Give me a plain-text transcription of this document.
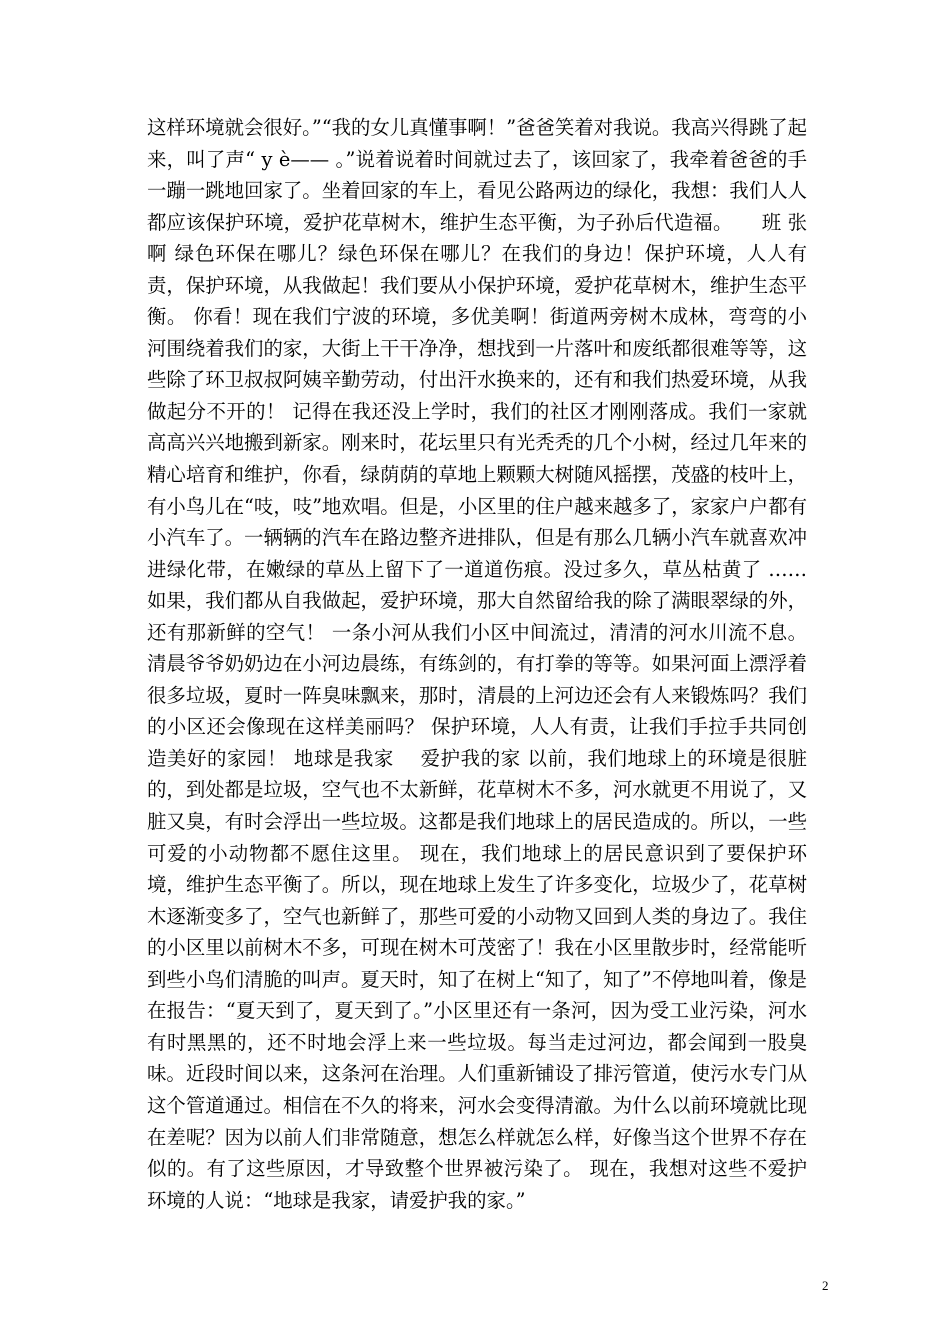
这样环境就会很好。”“我的女儿真懂事啊！”爸爸笑着对我说。我高兴得跳了起来，叫了声“ y è—— 。”说着说着时间就过去了，该回家了，我牵着爸爸的手一蹦一跳地回家了。坐着回家的车上，看见公路两边的绿化，我想：我们人人都应该保护环境，爱护花草树木，维护生态平衡，为子孙后代造福。　　班 张啊 绿色环保在哪儿？绿色环保在哪儿？在我们的身边！保护环境，人人有责，保护环境，从我做起！我们要从小保护环境，爱护花草树木，维护生态平衡。 你看！现在我们宁波的环境，多优美啊！街道两旁树木成林，弯弯的小河围绕着我们的家，大街上干干净净，想找到一片落叶和废纸都很难等等，这些除了环卫叔叔阿姨辛勤劳动，付出汗水换来的，还有和我们热爱环境，从我做起分不开的！ 记得在我还没上学时，我们的社区才刚刚落成。我们一家就高高兴兴地搬到新家。刚来时，花坛里只有光秃秃的几个小树，经过几年来的精心培育和维护，你看，绿荫荫的草地上颗颗大树随风摇摆，茂盛的枝叶上，有小鸟儿在“吱，吱”地欢唱。但是，小区里的住户越来越多了，家家户户都有小汽车了。一辆辆的汽车在路边整齐进排队，但是有那么几辆小汽车就喜欢冲进绿化带，在嫩绿的草丛上留下了一道道伤痕。没过多久，草丛枯黄了 …… 如果，我们都从自我做起，爱护环境，那大自然留给我的除了满眼翠绿的外，还有那新鲜的空气！ 一条小河从我们小区中间流过，清清的河水川流不息。清晨爷爷奶奶边在小河边晨练，有练剑的，有打拳的等等。如果河面上漂浮着很多垃圾，夏时一阵臭味飘来，那时，清晨的上河边还会有人来锻炼吗？我们的小区还会像现在这样美丽吗？ 保护环境，人人有责，让我们手拉手共同创造美好的家园！ 地球是我家　 爱护我的家 以前，我们地球上的环境是很脏的，到处都是垃圾，空气也不太新鲜，花草树木不多，河水就更不用说了，又脏又臭，有时会浮出一些垃圾。这都是我们地球上的居民造成的。所以，一些可爱的小动物都不愿住这里。 现在，我们地球上的居民意识到了要保护环境，维护生态平衡了。所以，现在地球上发生了许多变化，垃圾少了，花草树木逐渐变多了，空气也新鲜了，那些可爱的小动物又回到人类的身边了。我住的小区里以前树木不多，可现在树木可茂密了！我在小区里散步时，经常能听到些小鸟们清脆的叫声。夏天时，知了在树上“知了，知了”不停地叫着，像是在报告：“夏天到了，夏天到了。”小区里还有一条河，因为受工业污染，河水有时黑黑的，还不时地会浮上来一些垃圾。每当走过河边，都会闻到一股臭味。近段时间以来，这条河在治理。人们重新铺设了排污管道，使污水专门从这个管道通过。相信在不久的将来，河水会变得清澈。为什么以前环境就比现在差呢？因为以前人们非常随意，想怎么样就怎么样，好像当这个世界不存在似的。有了这些原因，才导致整个世界被污染了。 现在，我想对这些不爱护环境的人说：“地球是我家，请爱护我的家。”

2
